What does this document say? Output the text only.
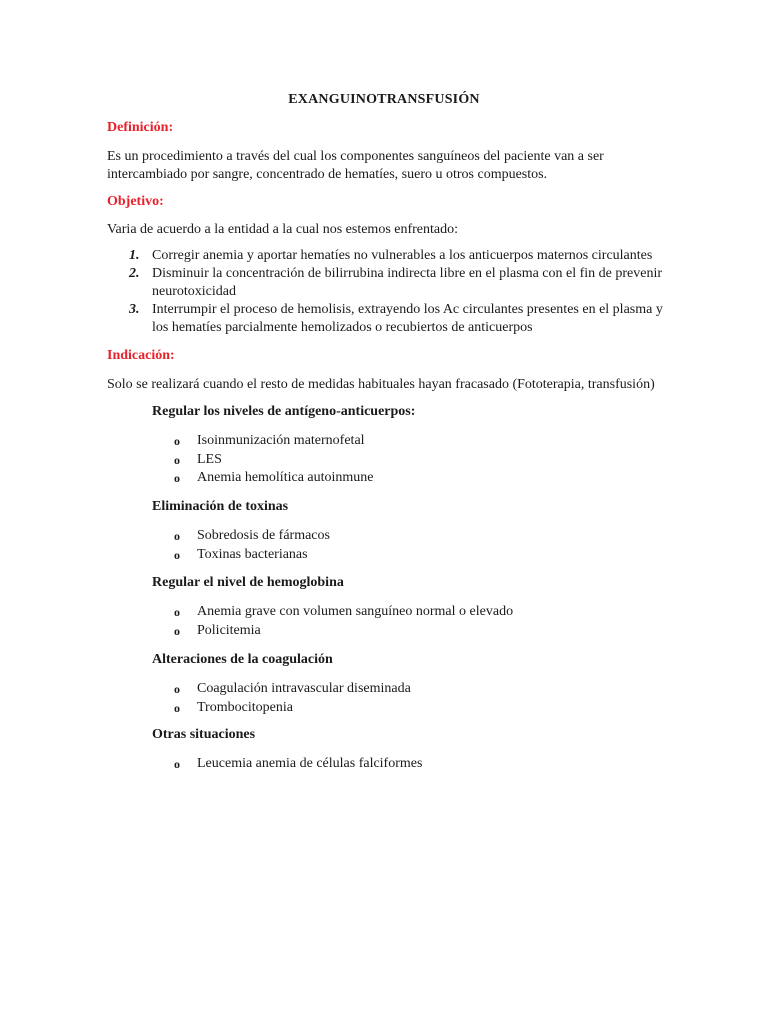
EXANGUINOTRANSFUSIÓN
Definición:
Es un procedimiento a través del cual los componentes sanguíneos del paciente van a ser intercambiado por sangre, concentrado de hematíes, suero u otros compuestos.
Objetivo:
Varia de acuerdo a la entidad a la cual nos estemos enfrentado:
1. Corregir anemia y aportar hematíes no vulnerables a los anticuerpos maternos circulantes
2. Disminuir la concentración de bilirrubina indirecta libre en el plasma con el fin de prevenir neurotoxicidad
3. Interrumpir el proceso de hemolisis, extrayendo los Ac circulantes presentes en el plasma y los hematíes parcialmente hemolizados o recubiertos de anticuerpos
Indicación:
Solo se realizará cuando el resto de medidas habituales hayan fracasado (Fototerapia, transfusión)
Regular los niveles de antígeno-anticuerpos:
o Isoinmunización maternofetal
o LES
o Anemia hemolítica autoinmune
Eliminación de toxinas
o Sobredosis de fármacos
o Toxinas bacterianas
Regular el nivel de hemoglobina
o Anemia grave con volumen sanguíneo normal o elevado
o Policitemia
Alteraciones de la coagulación
o Coagulación intravascular diseminada
o Trombocitopenia
Otras situaciones
o Leucemia anemia de células falciformes
